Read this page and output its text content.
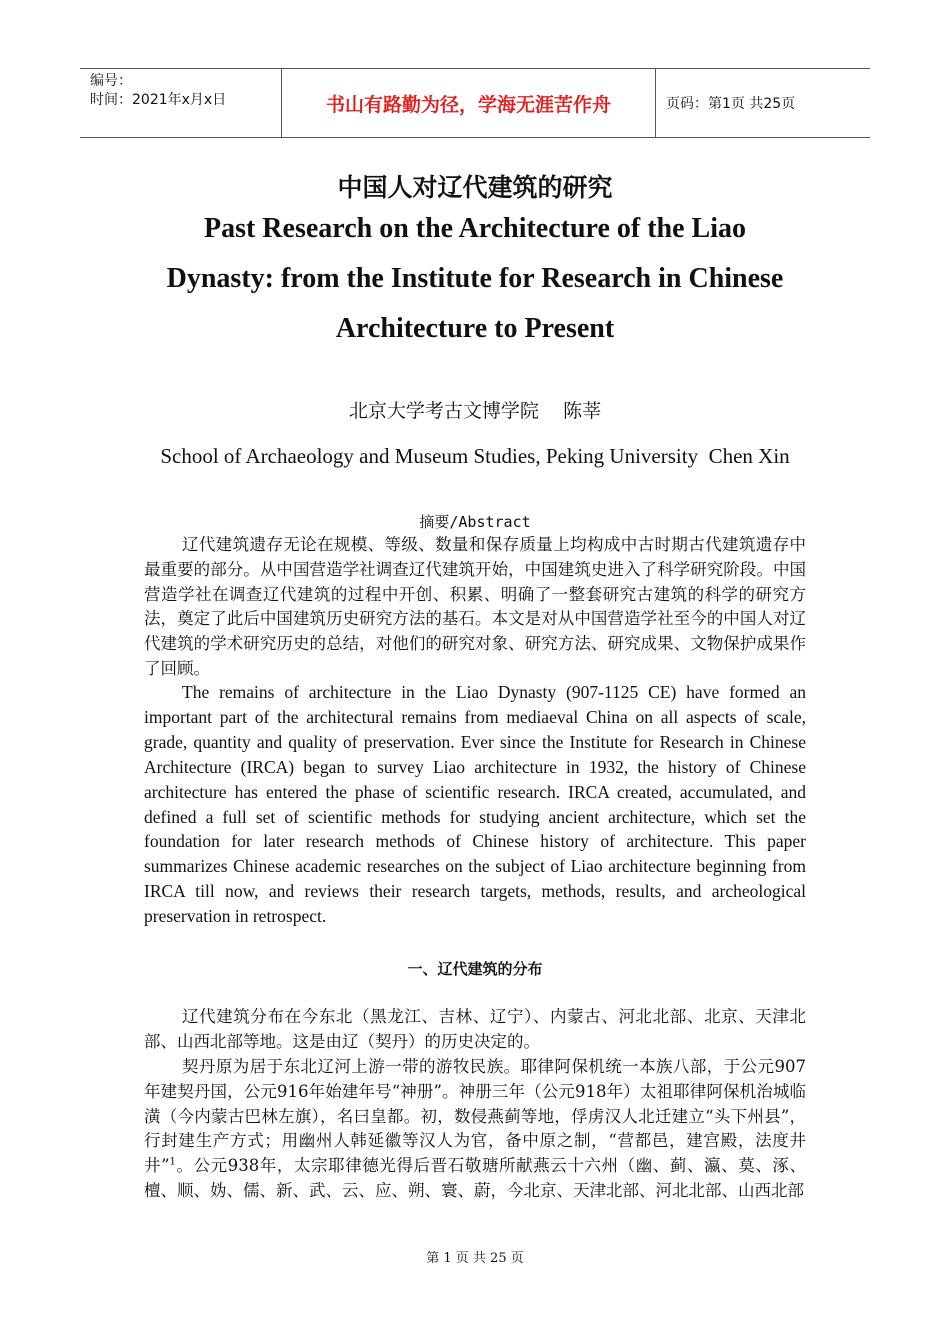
编号：
时间：2021年x月x日	书山有路勤为径，学海无涯苦作舟	页码：第1页 共25页
中国人对辽代建筑的研究
Past Research on the Architecture of the Liao
Dynasty: from the Institute for Research in Chinese
Architecture to Present
北京大学考古文博学院    陈莘
School of Archaeology and Museum Studies, Peking University  Chen Xin
摘要/Abstract

辽代建筑遗存无论在规模、等级、数量和保存质量上均构成中古时期古代建筑遗存中最重要的部分。从中国营造学社调查辽代建筑开始，中国建筑史进入了科学研究阶段。中国营造学社在调查辽代建筑的过程中开创、积累、明确了一整套研究古建筑的科学的研究方法，奠定了此后中国建筑历史研究方法的基石。本文是对从中国营造学社至今的中国人对辽代建筑的学术研究历史的总结，对他们的研究对象、研究方法、研究成果、文物保护成果作了回顾。

The remains of architecture in the Liao Dynasty (907-1125 CE) have formed an important part of the architectural remains from mediaeval China on all aspects of scale, grade, quantity and quality of preservation. Ever since the Institute for Research in Chinese Architecture (IRCA) began to survey Liao architecture in 1932, the history of Chinese architecture has entered the phase of scientific research. IRCA created, accumulated, and defined a full set of scientific methods for studying ancient architecture, which set the foundation for later research methods of Chinese history of architecture. This paper summarizes Chinese academic researches on the subject of Liao architecture beginning from IRCA till now, and reviews their research targets, methods, results, and archeological preservation in retrospect.

一、辽代建筑的分布

辽代建筑分布在今东北（黑龙江、吉林、辽宁）、内蒙古、河北北部、北京、天津北部、山西北部等地。这是由辽（契丹）的历史决定的。

契丹原为居于东北辽河上游一带的游牧民族。耶律阿保机统一本族八部，于公元907年建契丹国，公元916年始建年号“神册”。神册三年（公元918年）太祖耶律阿保机治城临潢（今内蒙古巴林左旗），名曰皇都。初，数侵燕蓟等地，俘虏汉人北迁建立“头下州县”，行封建生产方式；用幽州人韩延徽等汉人为官，备中原之制，“营都邑，建宫殿，法度井井”$^1$。公元938年，太宗耶律德光得后晋石敬瑭所献燕云十六州（幽、蓟、瀛、莫、涿、檀、顺、妫、儒、新、武、云、应、朔、寰、蔚，今北京、天津北部、河北北部、山西北部

第 1 页 共 25 页
